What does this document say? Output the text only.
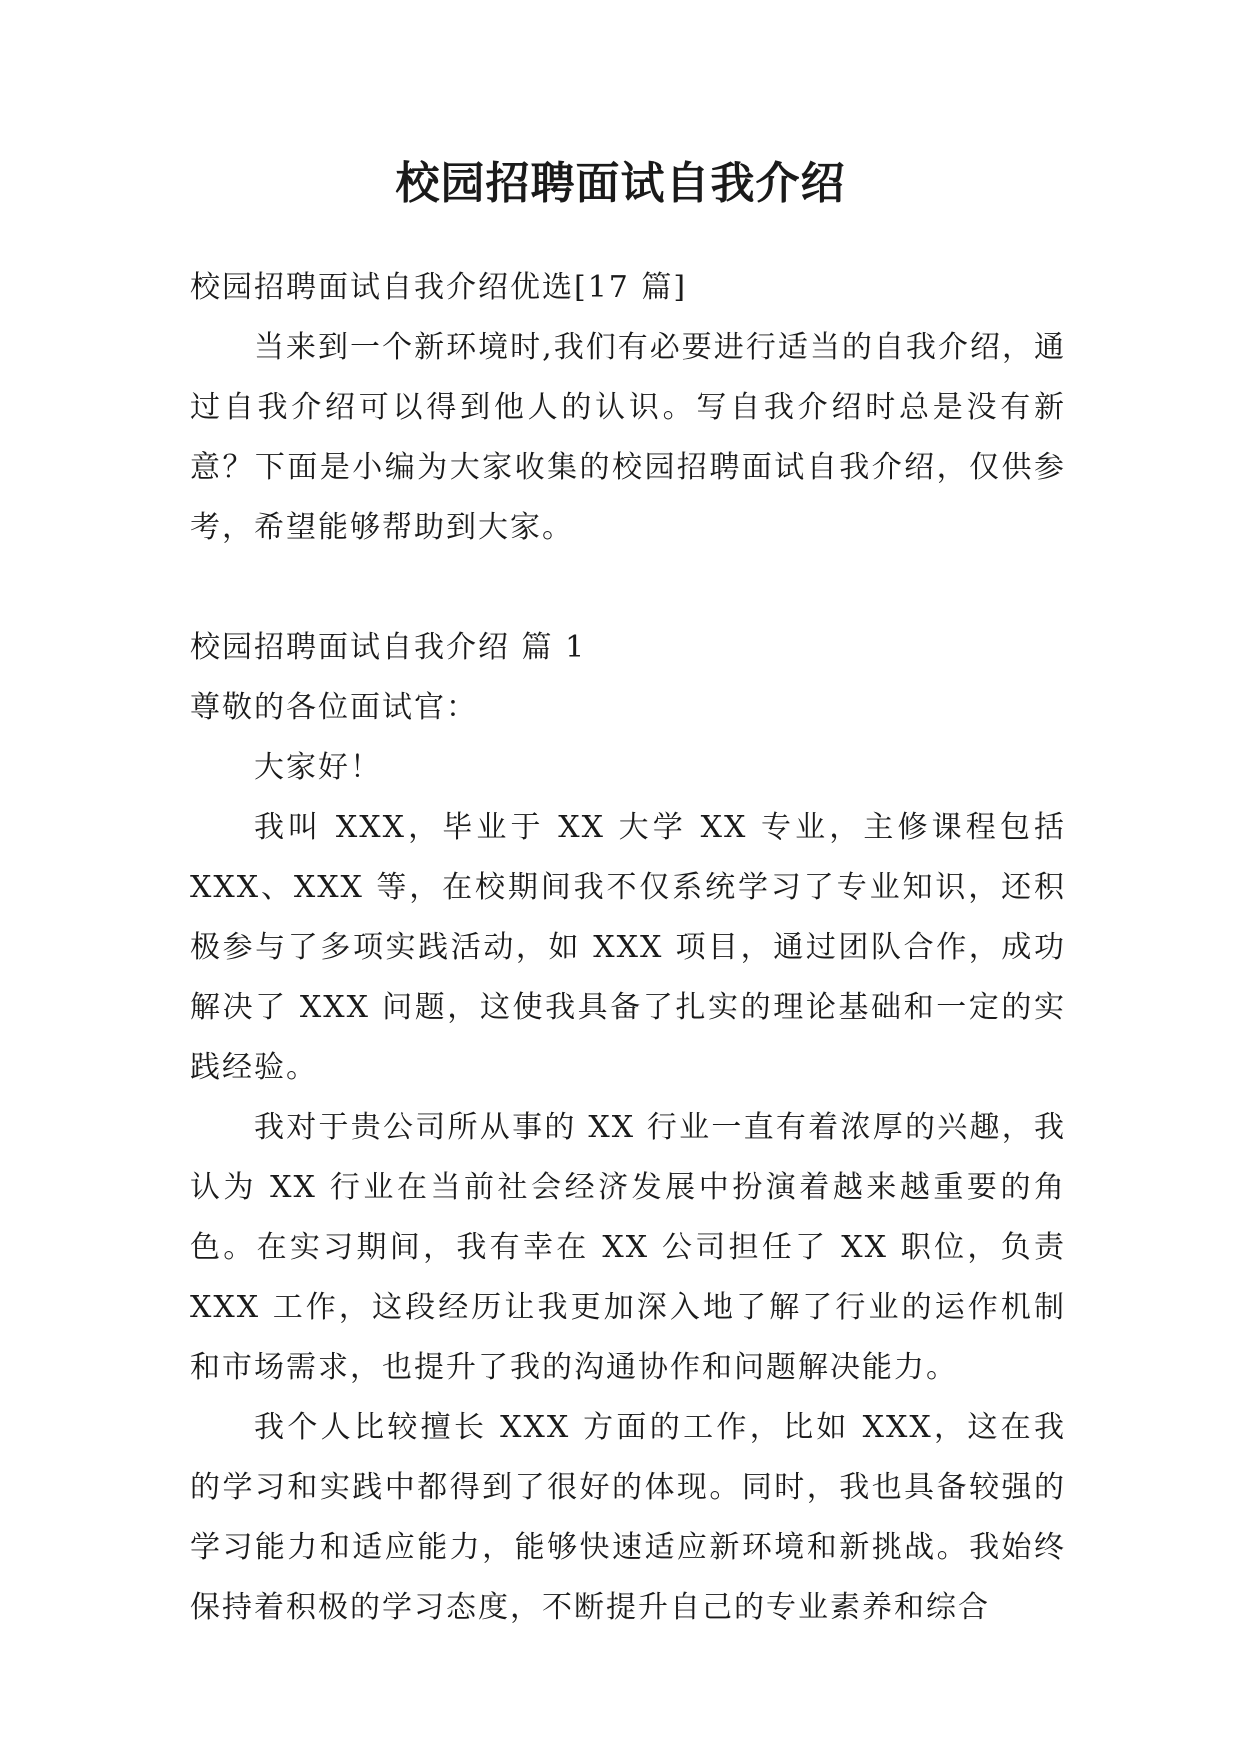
校园招聘面试自我介绍

校园招聘面试自我介绍优选[17 篇]

当来到一个新环境时,我们有必要进行适当的自我介绍，通过自我介绍可以得到他人的认识。写自我介绍时总是没有新意？下面是小编为大家收集的校园招聘面试自我介绍，仅供参考，希望能够帮助到大家。

校园招聘面试自我介绍 篇 1

尊敬的各位面试官：

大家好！

我叫 XXX，毕业于 XX 大学 XX 专业，主修课程包括 XXX、XXX 等，在校期间我不仅系统学习了专业知识，还积极参与了多项实践活动，如 XXX 项目，通过团队合作，成功解决了 XXX 问题，这使我具备了扎实的理论基础和一定的实践经验。

我对于贵公司所从事的 XX 行业一直有着浓厚的兴趣，我认为 XX 行业在当前社会经济发展中扮演着越来越重要的角色。在实习期间，我有幸在 XX 公司担任了 XX 职位，负责 XXX 工作，这段经历让我更加深入地了解了行业的运作机制和市场需求，也提升了我的沟通协作和问题解决能力。

我个人比较擅长 XXX 方面的工作，比如 XXX，这在我的学习和实践中都得到了很好的体现。同时，我也具备较强的学习能力和适应能力，能够快速适应新环境和新挑战。我始终保持着积极的学习态度，不断提升自己的专业素养和综合
